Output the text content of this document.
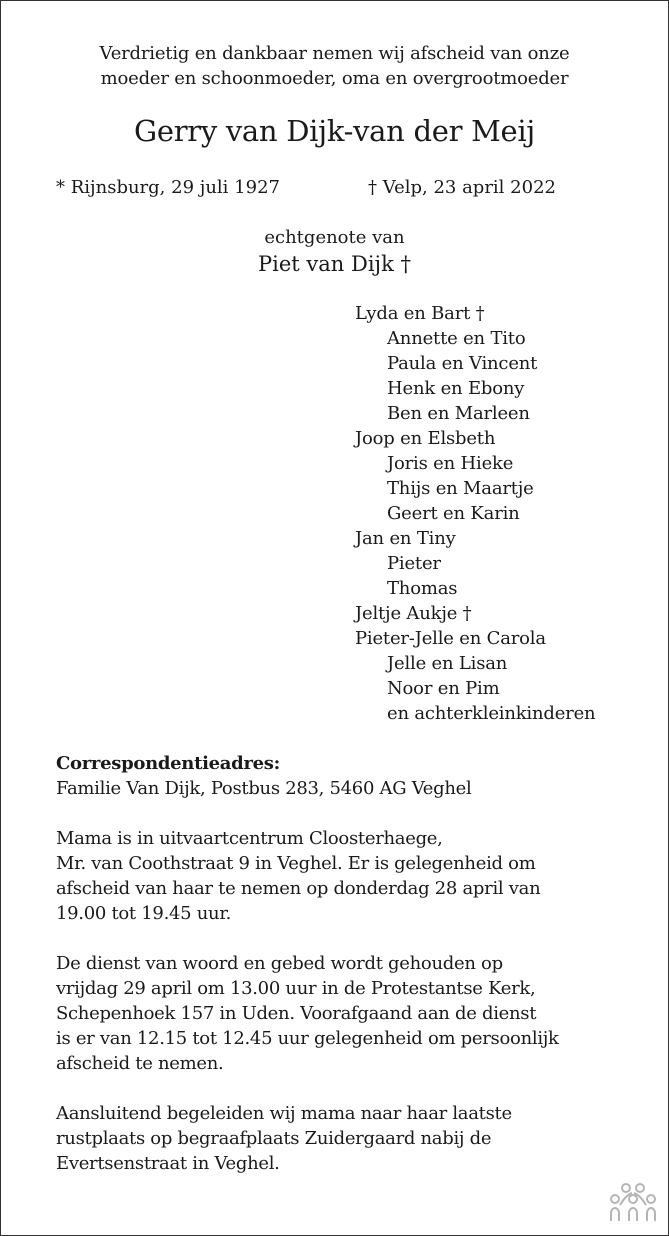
Verdrietig en dankbaar nemen wij afscheid van onze
moeder en schoonmoeder, oma en overgrootmoeder
Gerry van Dijk-van der Meij
* Rijnsburg, 29 juli 1927	† Velp, 23 april 2022
echtgenote van
Piet van Dijk †
Lyda en Bart †
Annette en Tito
Paula en Vincent
Henk en Ebony
Ben en Marleen
Joop en Elsbeth
Joris en Hieke
Thijs en Maartje
Geert en Karin
Jan en Tiny
Pieter
Thomas
Jeltje Aukje †
Pieter-Jelle en Carola
Jelle en Lisan
Noor en Pim
en achterkleinkinderen
Correspondentieadres:
Familie Van Dijk, Postbus 283, 5460 AG Veghel
Mama is in uitvaartcentrum Cloosterhaege,
Mr. van Coothstraat 9 in Veghel. Er is gelegenheid om
afscheid van haar te nemen op donderdag 28 april van
19.00 tot 19.45 uur.
De dienst van woord en gebed wordt gehouden op
vrijdag 29 april om 13.00 uur in de Protestantse Kerk,
Schepenhoek 157 in Uden. Voorafgaand aan de dienst
is er van 12.15 tot 12.45 uur gelegenheid om persoonlijk
afscheid te nemen.
Aansluitend begeleiden wij mama naar haar laatste
rustplaats op begraafplaats Zuidergaard nabij de
Evertsenstraat in Veghel.
